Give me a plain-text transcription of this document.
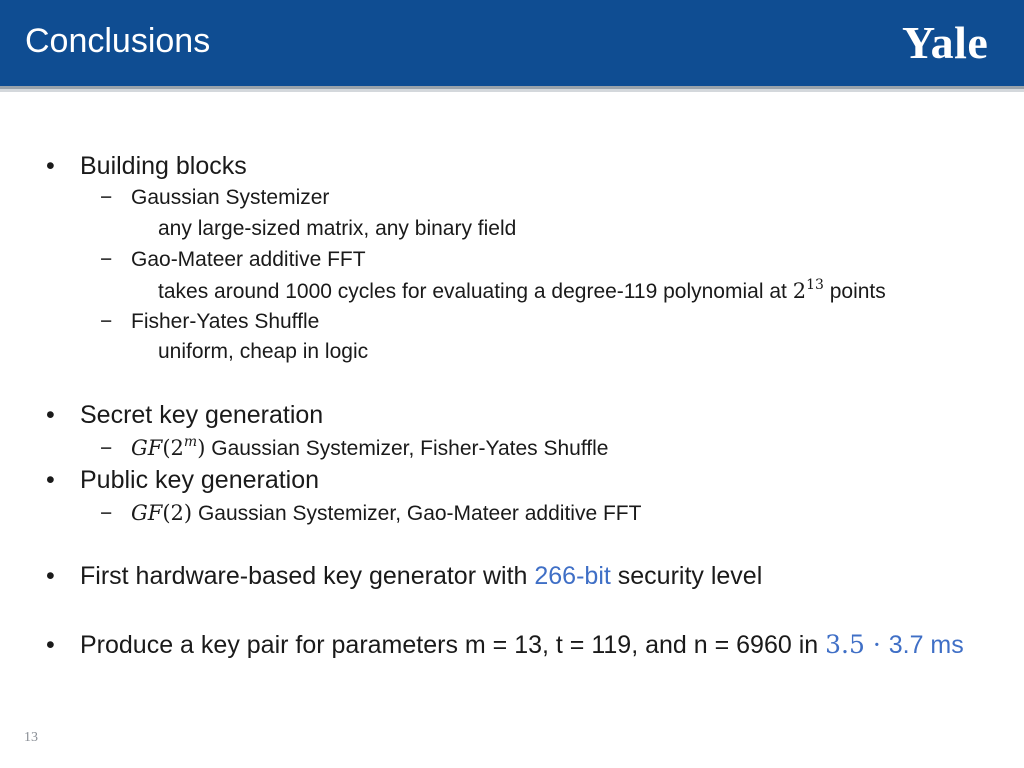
Conclusions	Yale
• Building blocks
− Gaussian Systemizer
any large-sized matrix, any binary field
− Gao-Mateer additive FFT
takes around 1000 cycles for evaluating a degree-119 polynomial at $2^{13}$ points
− Fisher-Yates Shuffle
uniform, cheap in logic
• Secret key generation
− $GF(2^m)$ Gaussian Systemizer, Fisher-Yates Shuffle
• Public key generation
− GF(2) Gaussian Systemizer, Gao-Mateer additive FFT
• First hardware-based key generator with 266-bit security level
• Produce a key pair for parameters m = 13, t = 119, and n = 6960 in 3.5 · 3.7 ms
13
